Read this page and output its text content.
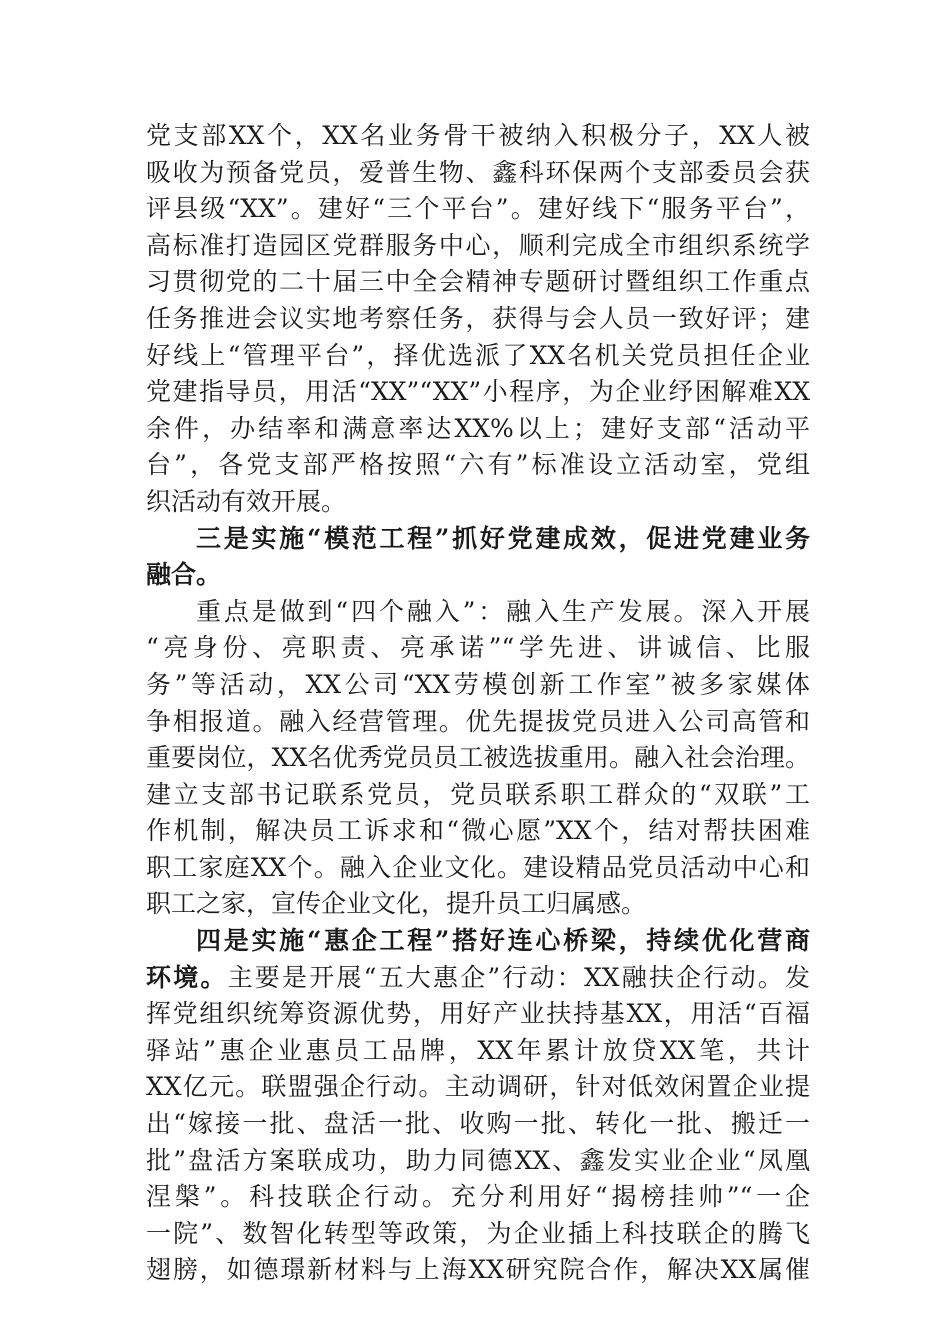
党支部XX个，XX名业务骨干被纳入积极分子，XX人被
吸收为预备党员，爱普生物、鑫科环保两个支部委员会获
评县级“XX”。建好“三个平台”。建好线下“服务平台”，
高标准打造园区党群服务中心，顺利完成全市组织系统学
习贯彻党的二十届三中全会精神专题研讨暨组织工作重点
任务推进会议实地考察任务，获得与会人员一致好评；建
好线上“管理平台”，择优选派了XX名机关党员担任企业
党建指导员，用活“XX”“XX”小程序，为企业纾困解难XX
余件，办结率和满意率达XX%以上；建好支部“活动平
台”，各党支部严格按照“六有”标准设立活动室，党组
织活动有效开展。
三是实施“模范工程”抓好党建成效，促进党建业务
融合。
重点是做到“四个融入”：融入生产发展。深入开展
“亮身份、亮职责、亮承诺”“学先进、讲诚信、比服
务”等活动，XX公司“XX劳模创新工作室”被多家媒体
争相报道。融入经营管理。优先提拔党员进入公司高管和
重要岗位，XX名优秀党员员工被选拔重用。融入社会治理。
建立支部书记联系党员，党员联系职工群众的“双联”工
作机制，解决员工诉求和“微心愿”XX个，结对帮扶困难
职工家庭XX个。融入企业文化。建设精品党员活动中心和
职工之家，宣传企业文化，提升员工归属感。
四是实施“惠企工程”搭好连心桥梁，持续优化营商
环境。主要是开展“五大惠企”行动：XX融扶企行动。发
挥党组织统筹资源优势，用好产业扶持基XX，用活“百福
驿站”惠企业惠员工品牌，XX年累计放贷XX笔，共计
XX亿元。联盟强企行动。主动调研，针对低效闲置企业提
出“嫁接一批、盘活一批、收购一批、转化一批、搬迁一
批”盘活方案联成功，助力同德XX、鑫发实业企业“凤凰
涅槃”。科技联企行动。充分利用好“揭榜挂帅”“一企
一院”、数智化转型等政策，为企业插上科技联企的腾飞
翅膀，如德璟新材料与上海XX研究院合作，解决XX属催
